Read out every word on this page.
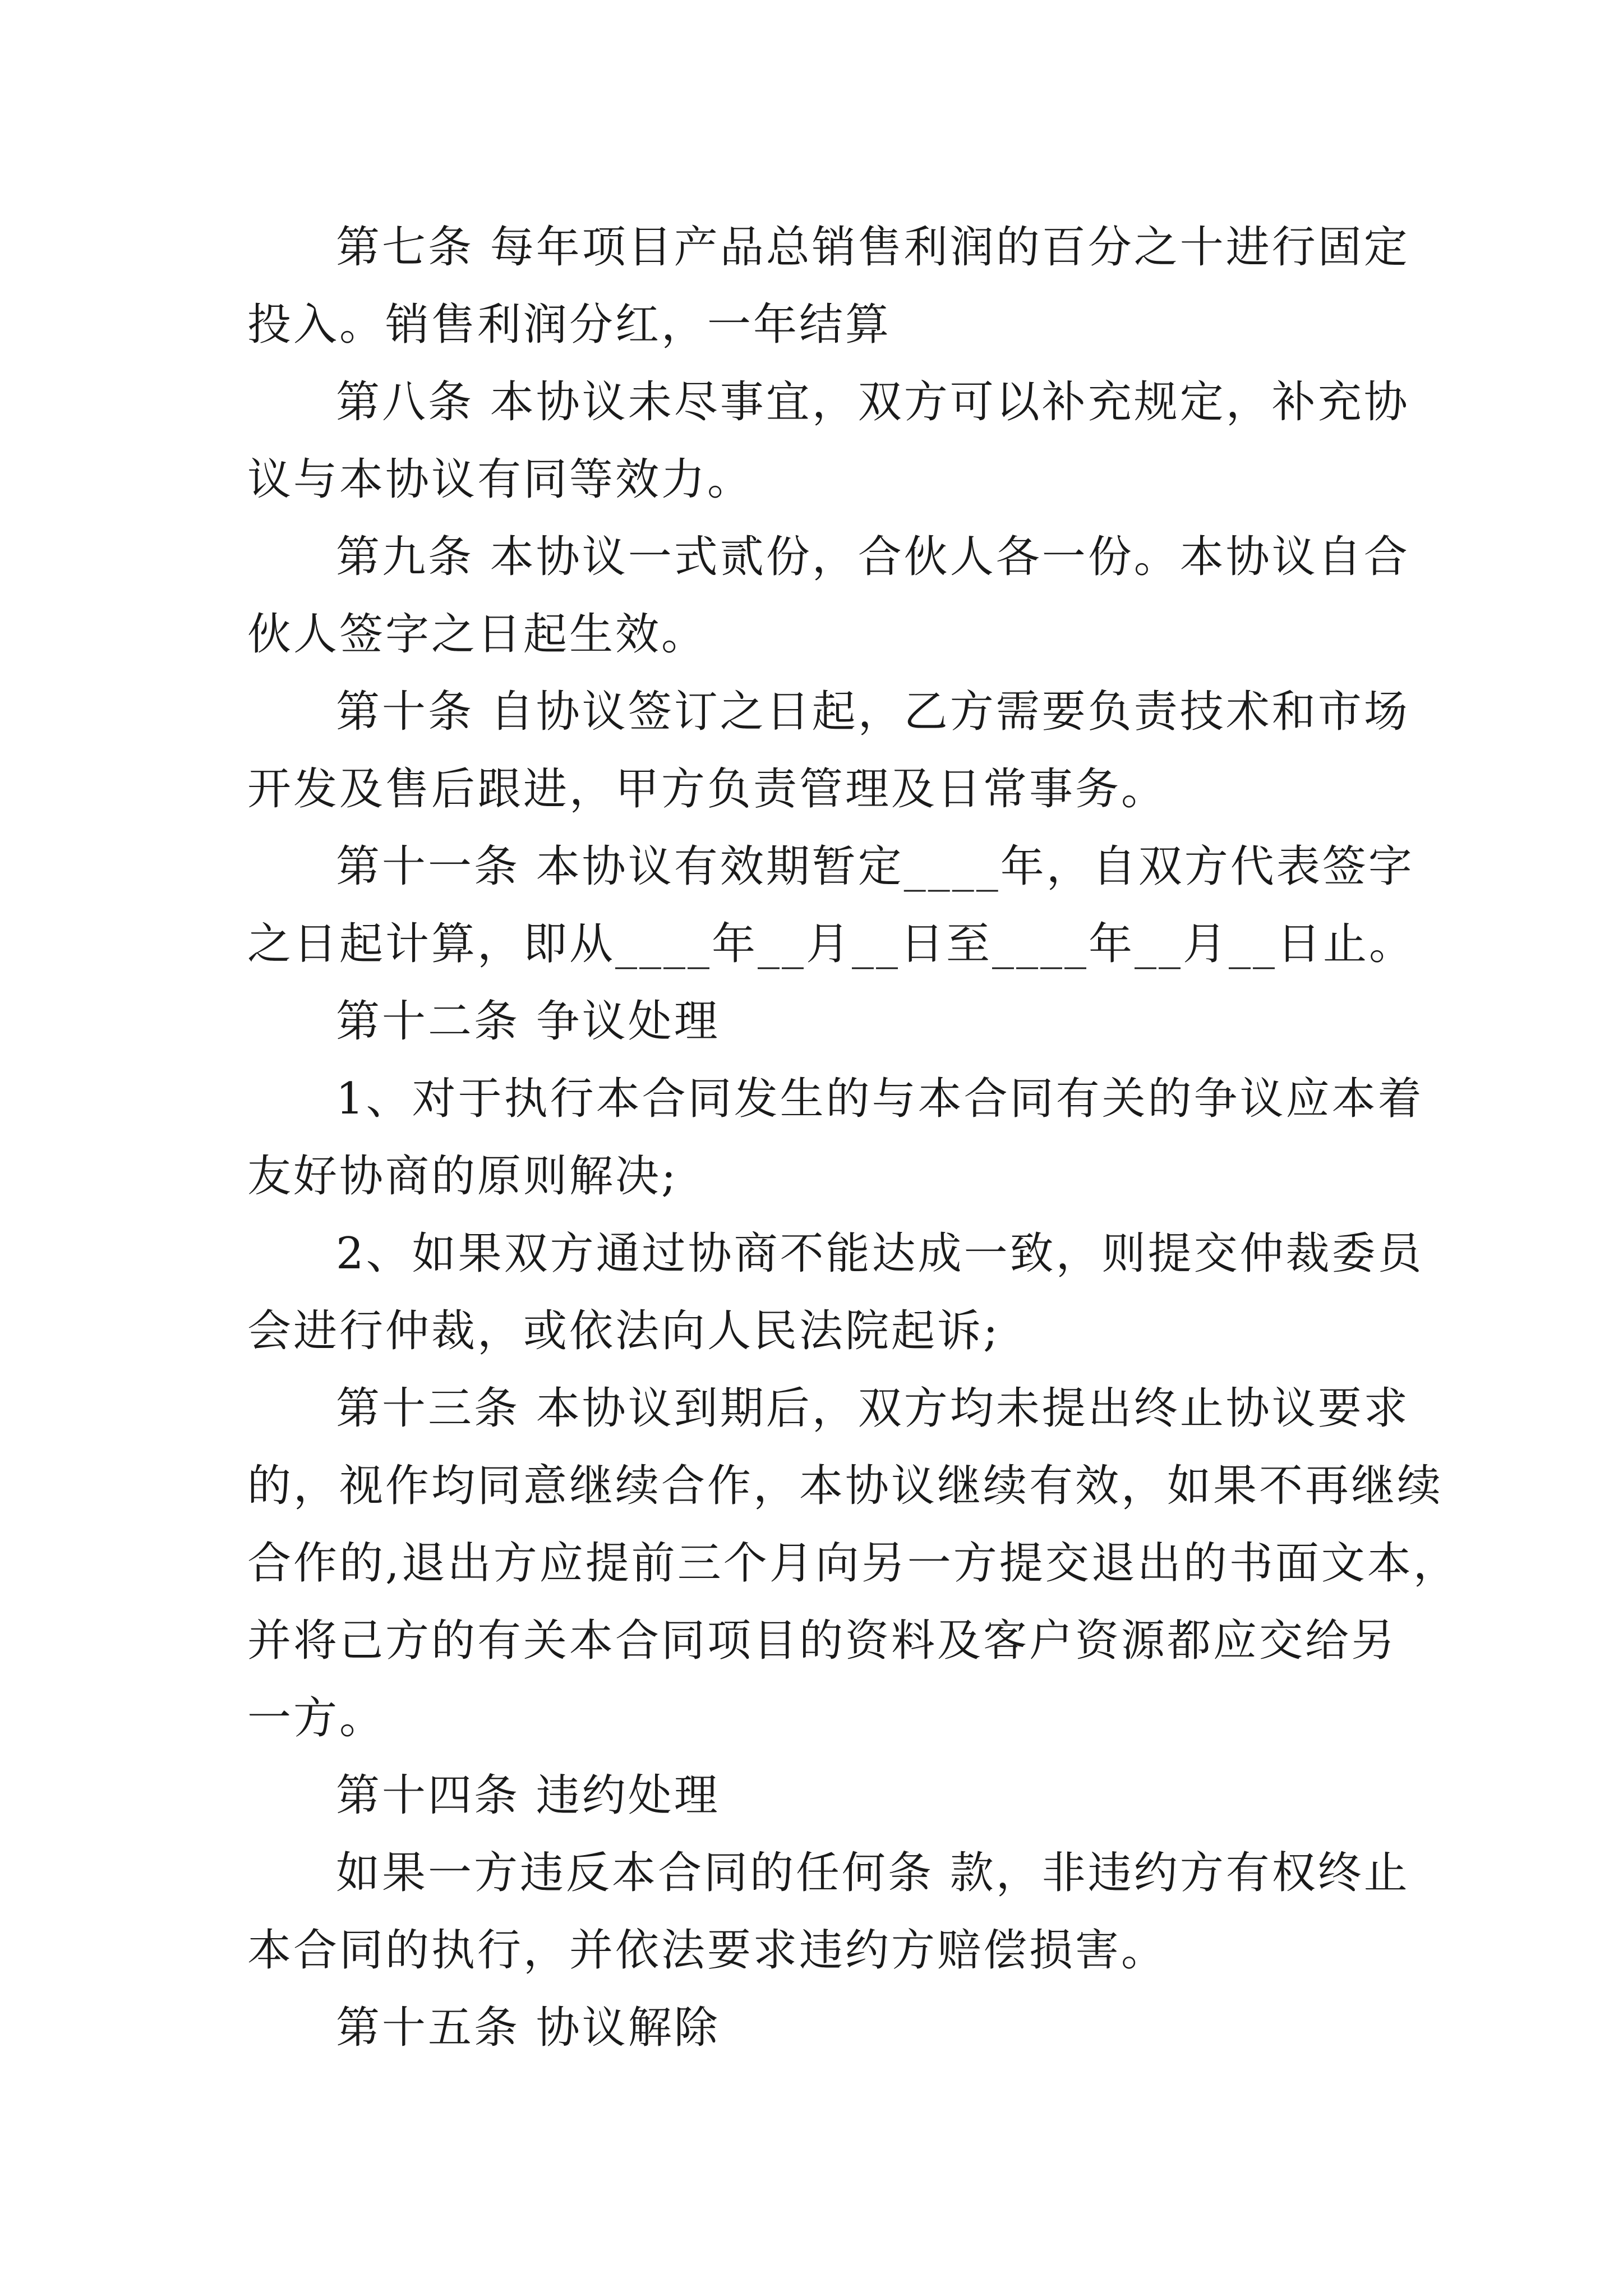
第七条 每年项目产品总销售利润的百分之十进行固定
投入。销售利润分红，一年结算
第八条 本协议未尽事宜，双方可以补充规定，补充协
议与本协议有同等效力。
第九条 本协议一式贰份，合伙人各一份。本协议自合
伙人签字之日起生效。
第十条 自协议签订之日起，乙方需要负责技术和市场
开发及售后跟进，甲方负责管理及日常事务。
第十一条 本协议有效期暂定____年，自双方代表签字
之日起计算，即从____年__月__日至____年__月__日止。
第十二条 争议处理
1、对于执行本合同发生的与本合同有关的争议应本着
友好协商的原则解决;
2、如果双方通过协商不能达成一致，则提交仲裁委员
会进行仲裁，或依法向人民法院起诉;
第十三条 本协议到期后，双方均未提出终止协议要求
的，视作均同意继续合作，本协议继续有效，如果不再继续
合作的,退出方应提前三个月向另一方提交退出的书面文本，
并将己方的有关本合同项目的资料及客户资源都应交给另
一方。
第十四条 违约处理
如果一方违反本合同的任何条 款，非违约方有权终止
本合同的执行，并依法要求违约方赔偿损害。
第十五条 协议解除
